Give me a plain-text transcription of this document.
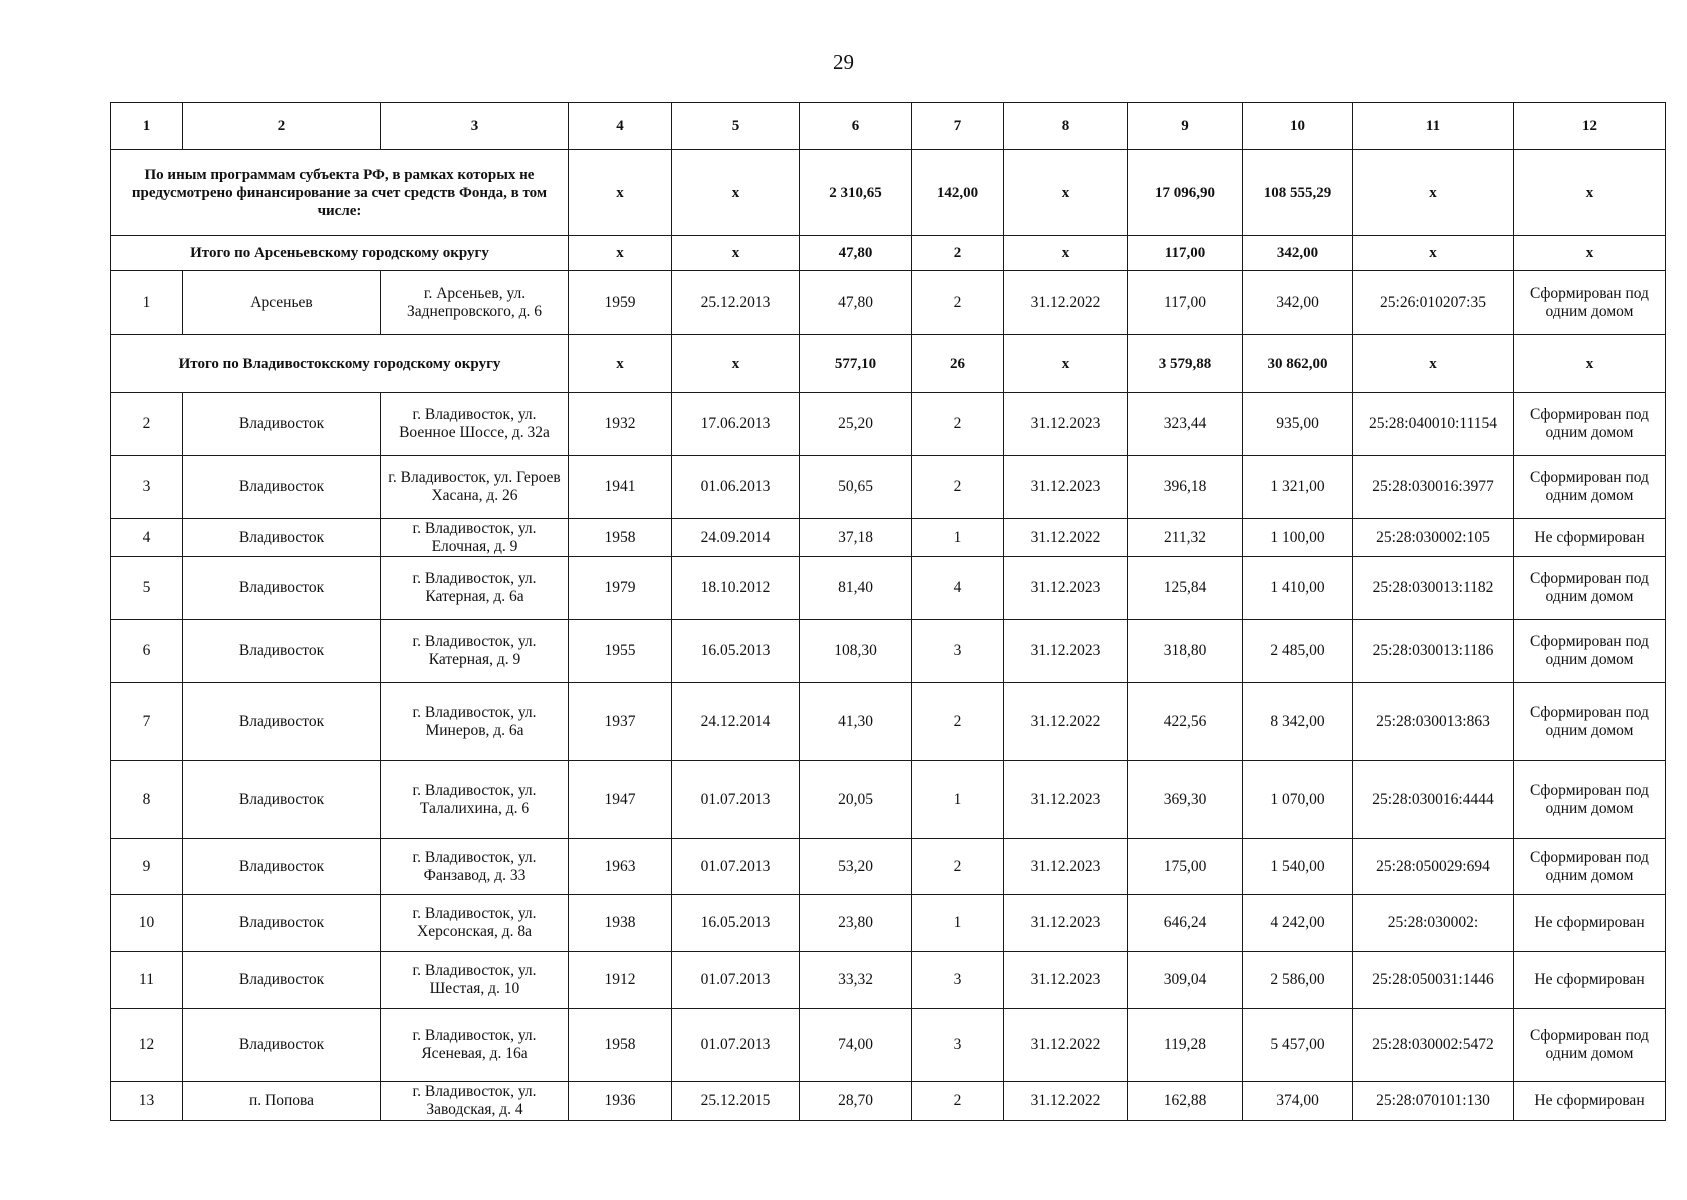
29
1	2	3	4	5	6	7	8	9	10	11	12
По иным программам субъекта РФ, в рамках которых не предусмотрено финансирование за счет средств Фонда, в том числе:			х	х	2 310,65	142,00	х	17 096,90	108 555,29	х	х
Итого по Арсеньевскому городскому округу			х	х	47,80	2	х	117,00	342,00	х	х
1	Арсеньев	г. Арсеньев, ул. Заднепровского, д. 6	1959	25.12.2013	47,80	2	31.12.2022	117,00	342,00	25:26:010207:35	Сформирован под одним домом
Итого по Владивостокскому городскому округу			х	х	577,10	26	х	3 579,88	30 862,00	х	х
2	Владивосток	г. Владивосток, ул. Военное Шоссе, д. 32а	1932	17.06.2013	25,20	2	31.12.2023	323,44	935,00	25:28:040010:11154	Сформирован под одним домом
3	Владивосток	г. Владивосток, ул. Героев Хасана, д. 26	1941	01.06.2013	50,65	2	31.12.2023	396,18	1 321,00	25:28:030016:3977	Сформирован под одним домом
4	Владивосток	г. Владивосток, ул. Елочная, д. 9	1958	24.09.2014	37,18	1	31.12.2022	211,32	1 100,00	25:28:030002:105	Не сформирован
5	Владивосток	г. Владивосток, ул. Катерная, д. 6а	1979	18.10.2012	81,40	4	31.12.2023	125,84	1 410,00	25:28:030013:1182	Сформирован под одним домом
6	Владивосток	г. Владивосток, ул. Катерная, д. 9	1955	16.05.2013	108,30	3	31.12.2023	318,80	2 485,00	25:28:030013:1186	Сформирован под одним домом
7	Владивосток	г. Владивосток, ул. Минеров, д. 6а	1937	24.12.2014	41,30	2	31.12.2022	422,56	8 342,00	25:28:030013:863	Сформирован под одним домом
8	Владивосток	г. Владивосток, ул. Талалихина, д. 6	1947	01.07.2013	20,05	1	31.12.2023	369,30	1 070,00	25:28:030016:4444	Сформирован под одним домом
9	Владивосток	г. Владивосток, ул. Фанзавод, д. 33	1963	01.07.2013	53,20	2	31.12.2023	175,00	1 540,00	25:28:050029:694	Сформирован под одним домом
10	Владивосток	г. Владивосток, ул. Херсонская, д. 8а	1938	16.05.2013	23,80	1	31.12.2023	646,24	4 242,00	25:28:030002:	Не сформирован
11	Владивосток	г. Владивосток, ул. Шестая, д. 10	1912	01.07.2013	33,32	3	31.12.2023	309,04	2 586,00	25:28:050031:1446	Не сформирован
12	Владивосток	г. Владивосток, ул. Ясеневая, д. 16а	1958	01.07.2013	74,00	3	31.12.2022	119,28	5 457,00	25:28:030002:5472	Сформирован под одним домом
13	п. Попова	г. Владивосток, ул. Заводская, д. 4	1936	25.12.2015	28,70	2	31.12.2022	162,88	374,00	25:28:070101:130	Не сформирован
